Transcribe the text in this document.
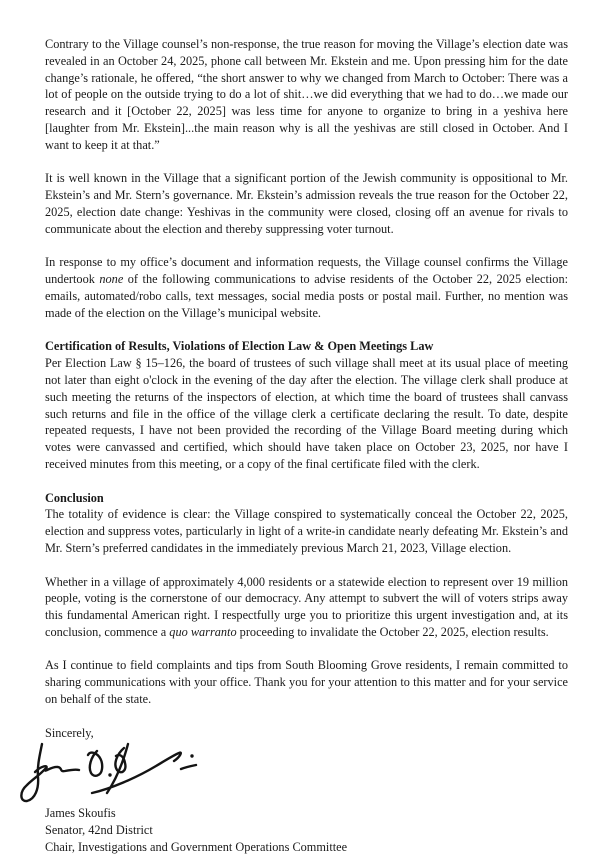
Contrary to the Village counsel’s non-response, the true reason for moving the Village’s election date was revealed in an October 24, 2025, phone call between Mr. Ekstein and me. Upon pressing him for the date change’s rationale, he offered, “the short answer to why we changed from March to October: There was a lot of people on the outside trying to do a lot of shit…we did everything that we had to do…we made our research and it [October 22, 2025] was less time for anyone to organize to bring in a yeshiva here [laughter from Mr. Ekstein]...the main reason why is all the yeshivas are still closed in October. And I want to keep it at that.”

It is well known in the Village that a significant portion of the Jewish community is oppositional to Mr. Ekstein’s and Mr. Stern’s governance. Mr. Ekstein’s admission reveals the true reason for the October 22, 2025, election date change: Yeshivas in the community were closed, closing off an avenue for rivals to communicate about the election and thereby suppressing voter turnout.

In response to my office’s document and information requests, the Village counsel confirms the Village undertook none of the following communications to advise residents of the October 22, 2025 election: emails, automated/robo calls, text messages, social media posts or postal mail. Further, no mention was made of the election on the Village’s municipal website.

Certification of Results, Violations of Election Law & Open Meetings Law

Per Election Law § 15–126, the board of trustees of such village shall meet at its usual place of meeting not later than eight o'clock in the evening of the day after the election. The village clerk shall produce at such meeting the returns of the inspectors of election, at which time the board of trustees shall canvass such returns and file in the office of the village clerk a certificate declaring the result. To date, despite repeated requests, I have not been provided the recording of the Village Board meeting during which votes were canvassed and certified, which should have taken place on October 23, 2025, nor have I received minutes from this meeting, or a copy of the final certificate filed with the clerk.

Conclusion

The totality of evidence is clear: the Village conspired to systematically conceal the October 22, 2025, election and suppress votes, particularly in light of a write-in candidate nearly defeating Mr. Ekstein’s and Mr. Stern’s preferred candidates in the immediately previous March 21, 2023, Village election.

Whether in a village of approximately 4,000 residents or a statewide election to represent over 19 million people, voting is the cornerstone of our democracy. Any attempt to subvert the will of voters strips away this fundamental American right. I respectfully urge you to prioritize this urgent investigation and, at its conclusion, commence a quo warranto proceeding to invalidate the October 22, 2025, election results.

As I continue to field complaints and tips from South Blooming Grove residents, I remain committed to sharing communications with your office. Thank you for your attention to this matter and for your service on behalf of the state.

Sincerely,

James Skoufis
Senator, 42nd District
Chair, Investigations and Government Operations Committee
